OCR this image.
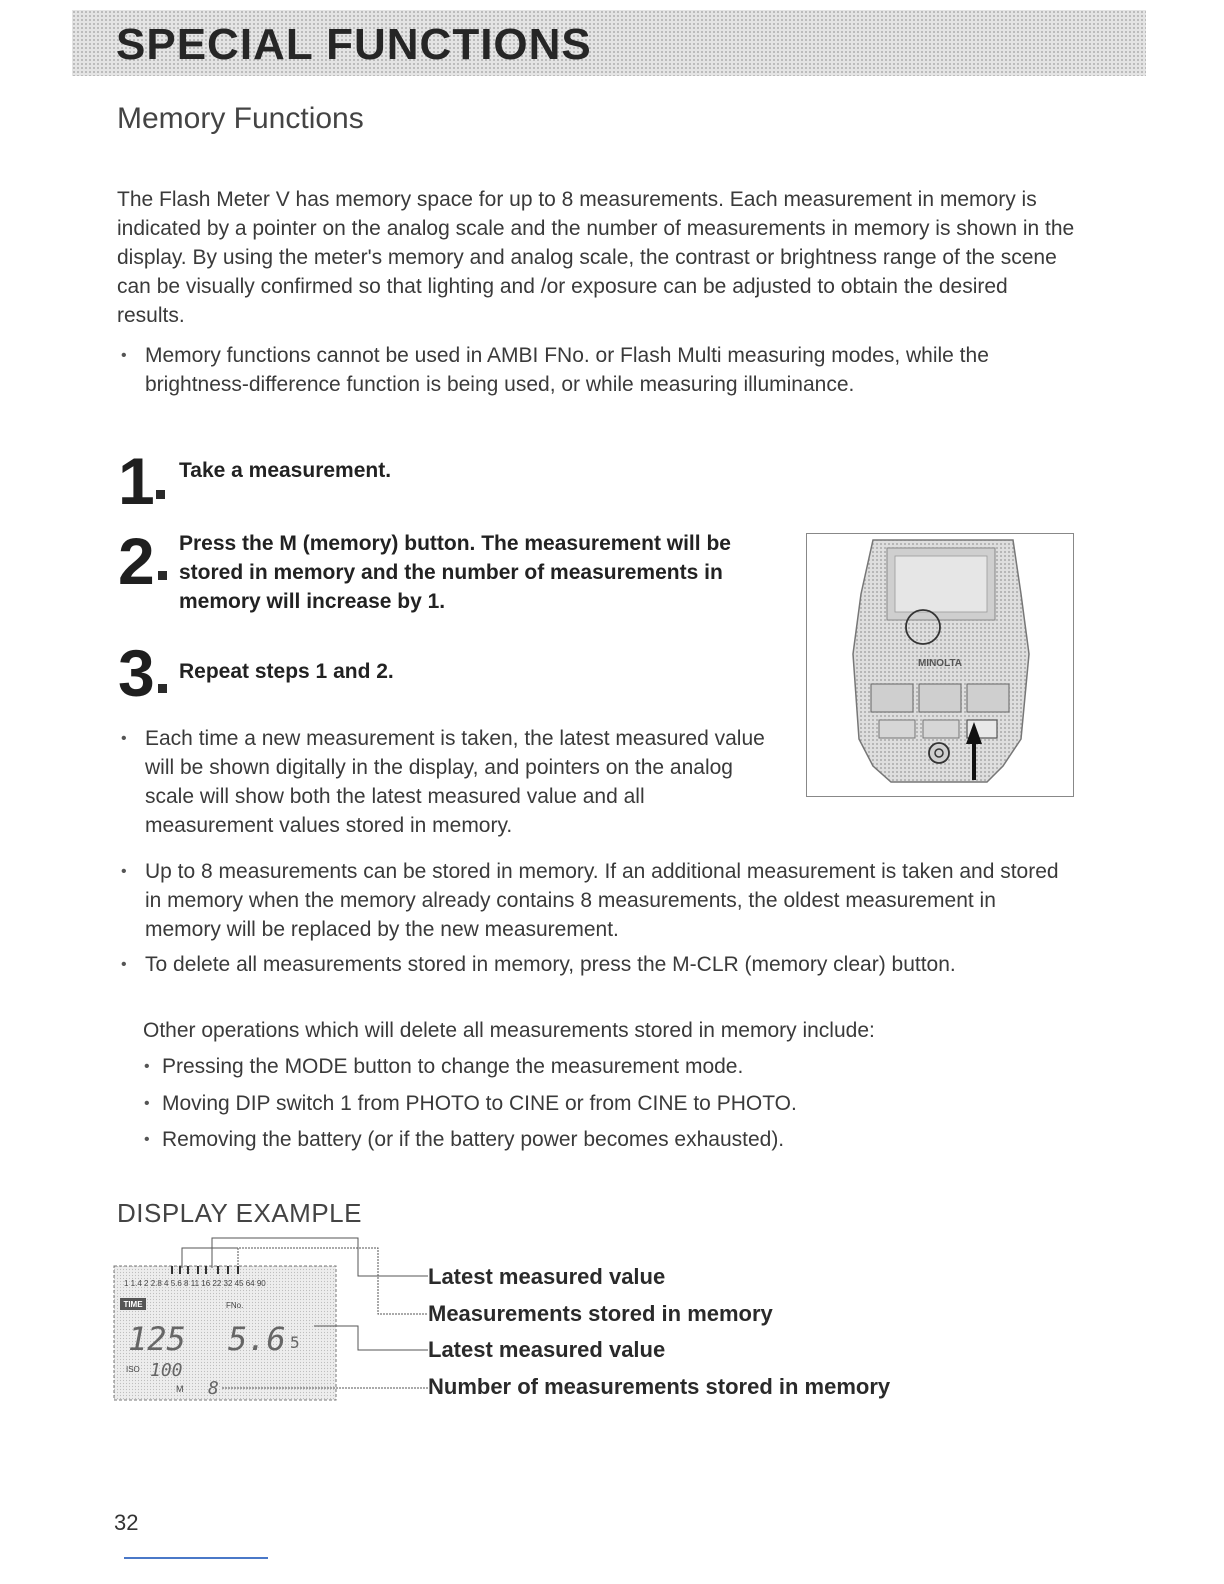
SPECIAL FUNCTIONS
Memory Functions

The Flash Meter V has memory space for up to 8 measurements. Each measurement in memory is indicated by a pointer on the analog scale and the number of measurements in memory is shown in the display. By using the meter's memory and analog scale, the contrast or brightness range of the scene can be visually confirmed so that lighting and /or exposure can be adjusted to obtain the desired results.

• Memory functions cannot be used in AMBI FNo. or Flash Multi measuring modes, while the brightness-difference function is being used, or while measuring illuminance.
1 Take a measurement.

2 Press the M (memory) button. The measurement will be stored in memory and the number of measurements in memory will increase by 1.

3 Repeat steps 1 and 2.	MINOLTA
• Each time a new measurement is taken, the latest measured value will be shown digitally in the display, and pointers on the analog scale will show both the latest measured value and all measurement values stored in memory.
• Up to 8 measurements can be stored in memory. If an additional measurement is taken and stored in memory when the memory already contains 8 measurements, the oldest measurement in memory will be replaced by the new measurement.
• To delete all measurements stored in memory, press the M-CLR (memory clear) button.

Other operations which will delete all measurements stored in memory include:

• Pressing the MODE button to change the measurement mode.
• Moving DIP switch 1 from PHOTO to CINE or from CINE to PHOTO.
• Removing the battery (or if the battery power becomes exhausted).
DISPLAY EXAMPLE
1 1.4 2 2.8 4 5.6 8 11 16 22 32 45 64 90
TIME	FNo.
125 5.6 5
ISO 100
M 8

Latest measured value

Measurements stored in memory

Latest measured value

Number of measurements stored in memory

32
